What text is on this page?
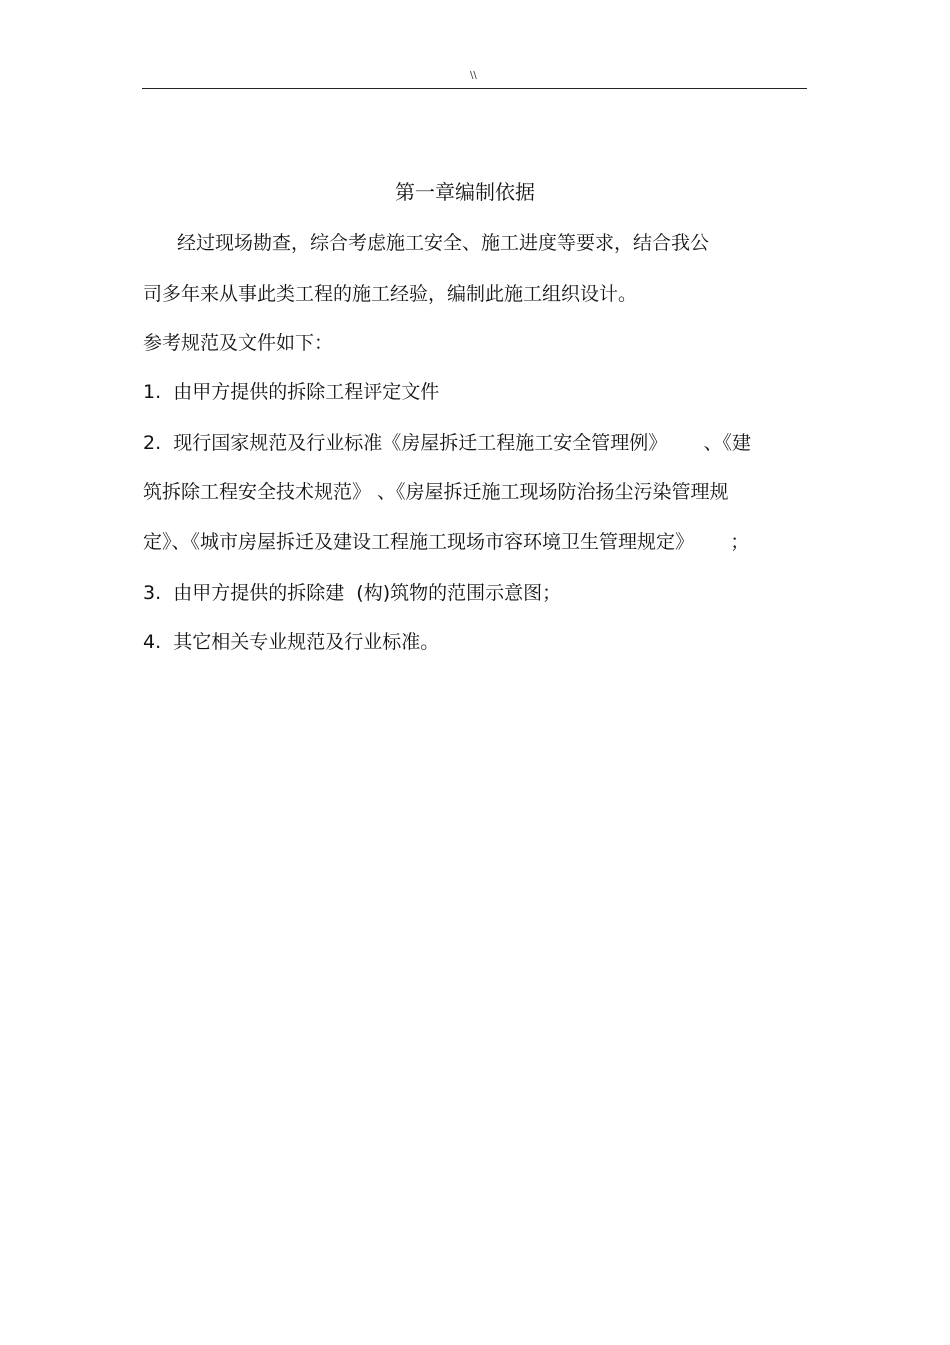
\\
第一章编制依据
经过现场勘查，综合考虑施工安全、施工进度等要求，结合我公
司多年来从事此类工程的施工经验，编制此施工组织设计。
参考规范及文件如下：
1.  由甲方提供的拆除工程评定文件
2.  现行国家规范及行业标准《房屋拆迁工程施工安全管理例》      、《建
筑拆除工程安全技术规范》 、《房屋拆迁施工现场防治扬尘污染管理规
定》、《城市房屋拆迁及建设工程施工现场市容环境卫生管理规定》      ；
3.  由甲方提供的拆除建  (构)筑物的范围示意图；
4.  其它相关专业规范及行业标准。
